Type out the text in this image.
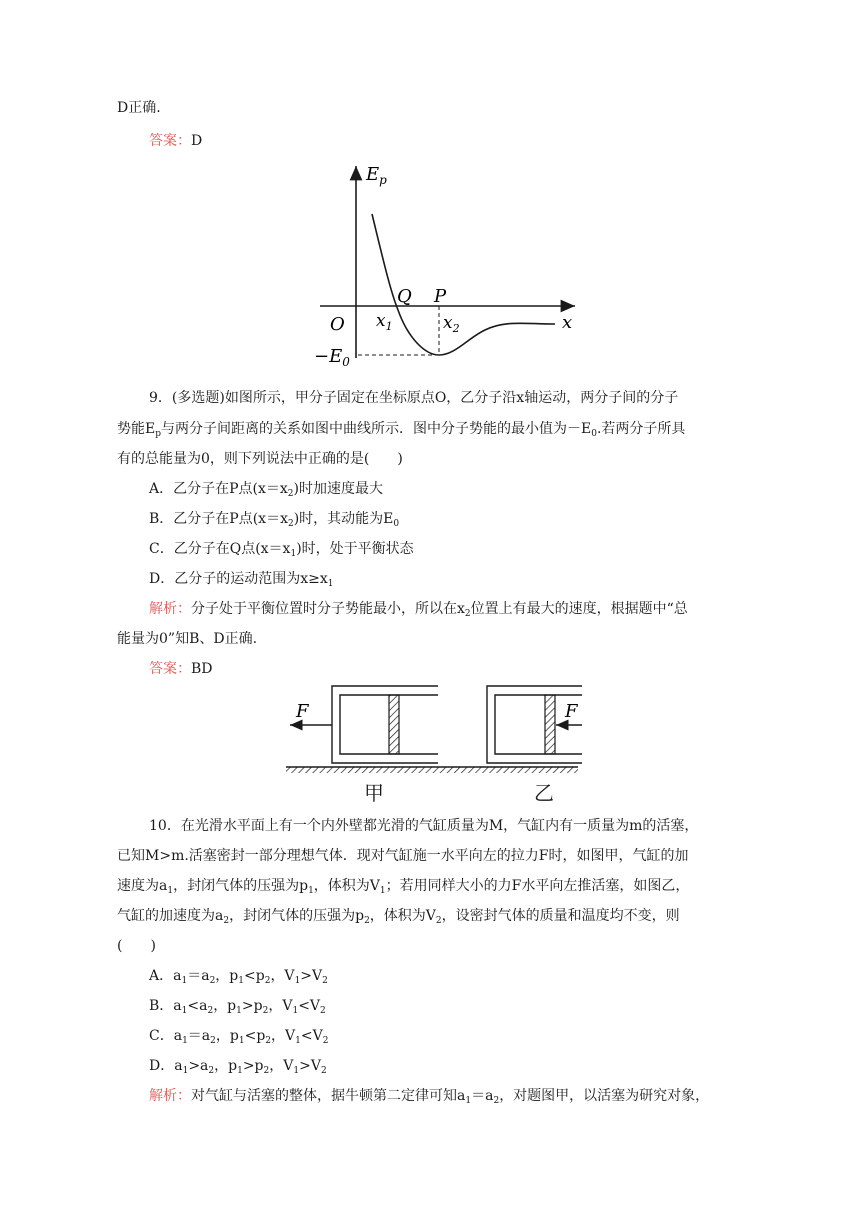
D正确.
答案：D
$E_p$
x
O
Q P
$x_1$	$x_2$
$-E_0$
9．(多选题)如图所示，甲分子固定在坐标原点O，乙分子沿x轴运动，两分子间的分子
势能$E_p$与两分子间距离的关系如图中曲线所示．图中分子势能的最小值为$-E_0$.若两分子所具
有的总能量为0，则下列说法中正确的是(　　)
A．乙分子在P点$(x=x_2)$时加速度最大
B．乙分子在P点$(x=x_2)$时，其动能为$E_0$
C．乙分子在Q点$(x=x_1)$时，处于平衡状态
D．乙分子的运动范围为$x\ge x_1$
解析：分子处于平衡位置时分子势能最小，所以在$x_2$位置上有最大的速度，根据题中“总
能量为0”知B、D正确.
答案：BD
F	F
甲	乙
10．在光滑水平面上有一个内外壁都光滑的气缸质量为M，气缸内有一质量为m的活塞，
已知M>m.活塞密封一部分理想气体．现对气缸施一水平向左的拉力F时，如图甲，气缸的加
速度为$a_1$，封闭气体的压强为$p_1$，体积为$V_1$；若用同样大小的力F水平向左推活塞，如图乙，
气缸的加速度为$a_2$，封闭气体的压强为$p_2$，体积为$V_2$，设密封气体的质量和温度均不变，则
(　　)
A．$a_1=a_2$，$p_1<p_2$，$V_1>V_2$
B．$a_1<a_2$，$p_1>p_2$，$V_1<V_2$
C．$a_1=a_2$，$p_1<p_2$，$V_1<V_2$
D．$a_1>a_2$，$p_1>p_2$，$V_1>V_2$
解析：对气缸与活塞的整体，据牛顿第二定律可知$a_1=a_2$，对题图甲，以活塞为研究对象，
